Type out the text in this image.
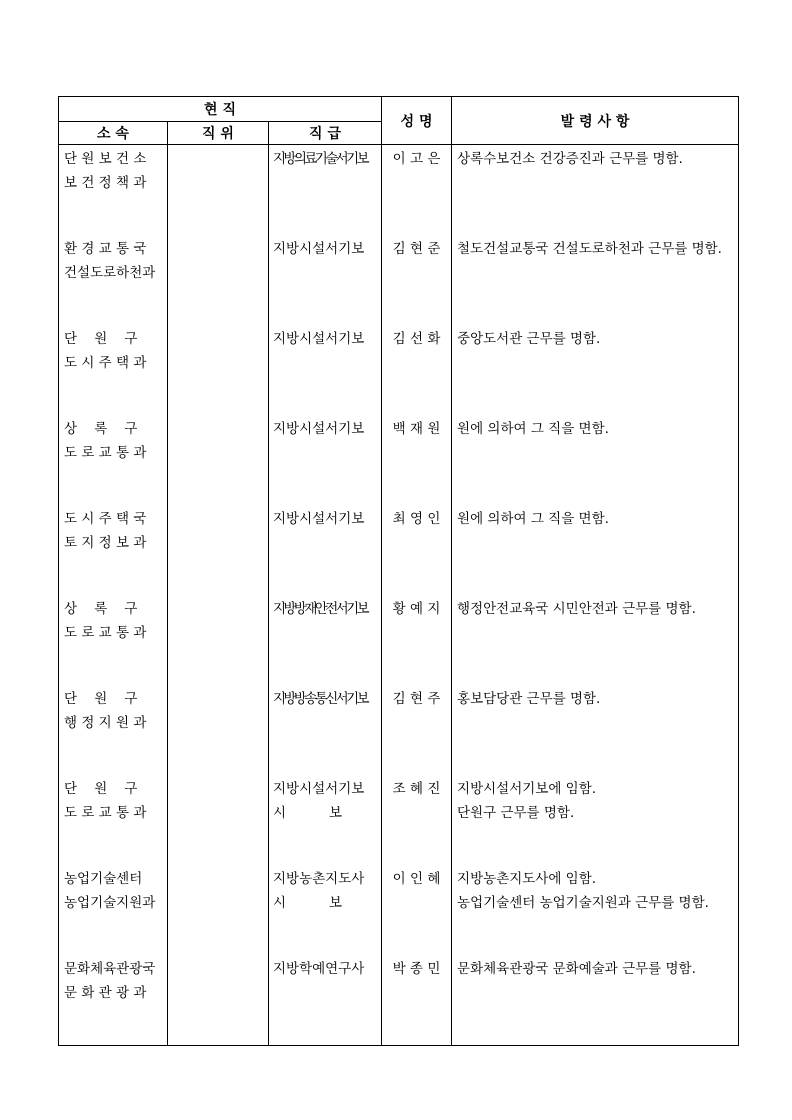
현 직			성 명	발 령 사 항
소 속	직 위	직 급		

단 원 보 건 소
보 건 정 책 과		지방의료기술서기보	이 고 은	상록수보건소 건강증진과 근무를 명함.

환 경 교 통 국
건설도로하천과		지방시설서기보	김 현 준	철도건설교통국 건설도로하천과 근무를 명함.

단    원    구
도 시 주 택 과		지방시설서기보	김 선 화	중앙도서관 근무를 명함.

상    록    구
도 로 교 통 과		지방시설서기보	백 재 원	원에 의하여 그 직을 면함.

도 시 주 택 국
토 지 정 보 과		지방시설서기보	최 영 인	원에 의하여 그 직을 면함.

상    록    구
도 로 교 통 과		지방방재안전서기보	황 예 지	행정안전교육국 시민안전과 근무를 명함.

단    원    구
행 정 지 원 과		지방방송통신서기보	김 현 주	홍보담당관 근무를 명함.

단    원    구
도 로 교 통 과		지방시설서기보
시          보	조 혜 진	지방시설서기보에 임함.
단원구 근무를 명함.

농업기술센터
농업기술지원과		지방농촌지도사
시          보	이 인 혜	지방농촌지도사에 임함.
농업기술센터 농업기술지원과 근무를 명함.

문화체육관광국
문 화 관 광 과		지방학예연구사	박 종 민	문화체육관광국 문화예술과 근무를 명함.
